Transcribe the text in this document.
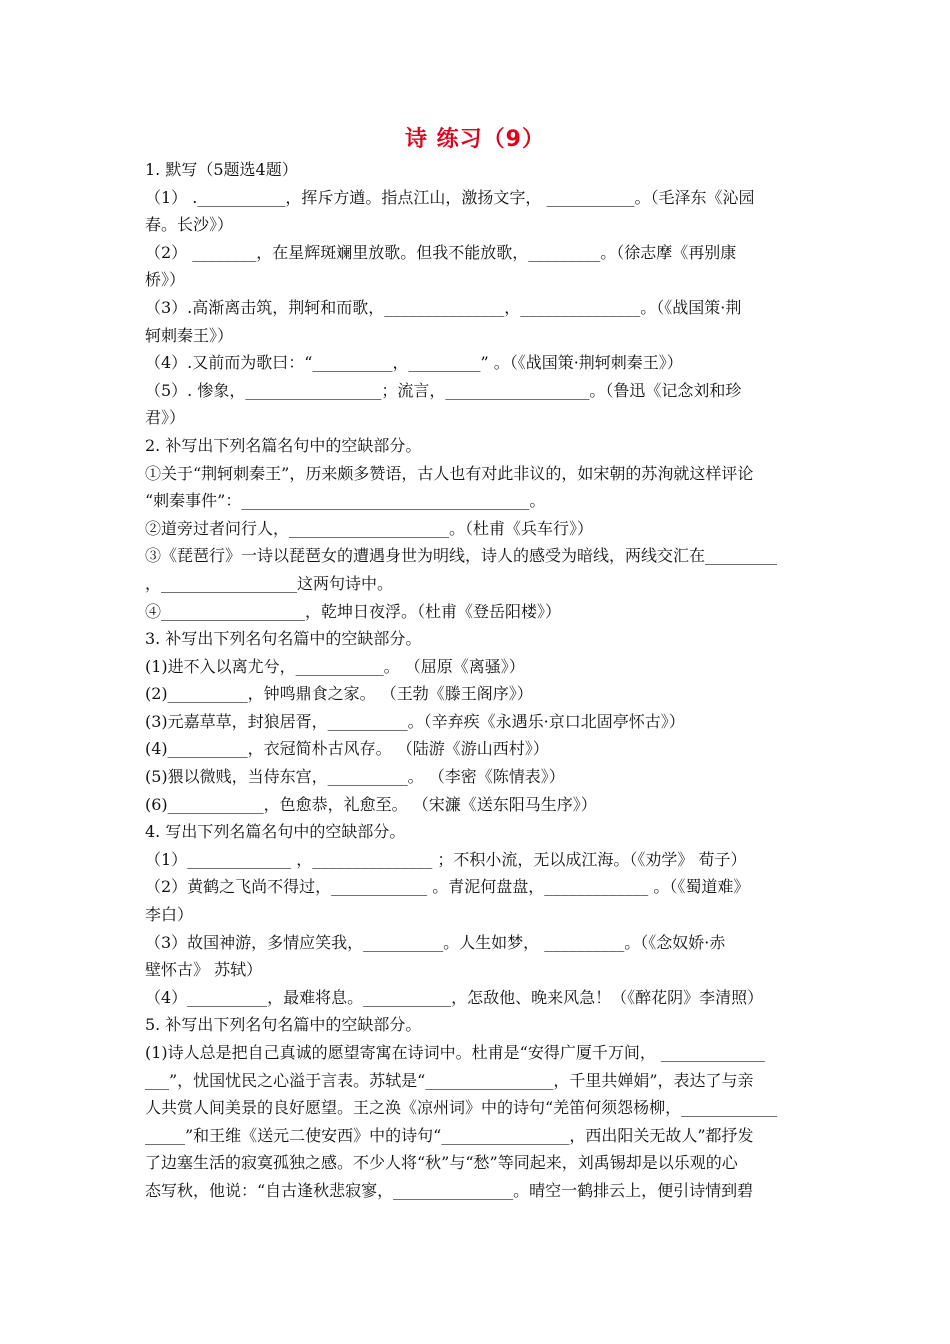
诗 练习（9）
1. 默写（5题选4题）
（1） .___________，挥斥方遒。指点江山，激扬文字， ___________。（毛泽东《沁园
春。长沙》）
（2） ________，在星辉斑斓里放歌。但我不能放歌，_________。（徐志摩《再别康
桥》）
（3）.高渐离击筑，荆轲和而歌，_______________，_______________。（《战国策·荆
轲刺秦王》）
（4）.又前而为歌曰：“__________，_________” 。（《战国策·荆轲刺秦王》）
（5）. 惨象，_________________；流言，__________________。（鲁迅《记念刘和珍
君》）
2. 补写出下列名篇名句中的空缺部分。
①关于“荆轲刺秦王”，历来颇多赞语，古人也有对此非议的，如宋朝的苏洵就这样评论
“刺秦事件”：____________________________________。
②道旁过者问行人，____________________。（杜甫《兵车行》）
③《琵琶行》一诗以琵琶女的遭遇身世为明线，诗人的感受为暗线，两线交汇在_________
，_________________这两句诗中。
④__________________，乾坤日夜浮。（杜甫《登岳阳楼》）
3. 补写出下列名句名篇中的空缺部分。
(1)进不入以离尤兮，___________。 （屈原《离骚》）
(2)__________，钟鸣鼎食之家。 （王勃《滕王阁序》）
(3)元嘉草草，封狼居胥，__________。（辛弃疾《永遇乐·京口北固亭怀古》）
(4)__________，衣冠简朴古风存。 （陆游《游山西村》）
(5)猥以微贱，当侍东宫，__________。 （李密《陈情表》）
(6)____________，色愈恭，礼愈至。 （宋濂《送东阳马生序》）
4. 写出下列名篇名句中的空缺部分。
（1）_____________ ，_______________ ；不积小流，无以成江海。（《劝学》 荀子）
（2）黄鹤之飞尚不得过，____________ 。青泥何盘盘，_____________ 。（《蜀道难》
李白）
（3）故国神游，多情应笑我，__________。人生如梦， __________。（《念奴娇·赤
壁怀古》 苏轼）
（4）__________，最难将息。___________，怎敌他、晚来风急！（《醉花阴》李清照）
5. 补写出下列名句名篇中的空缺部分。
(1)诗人总是把自己真诚的愿望寄寓在诗词中。杜甫是“安得广厦千万间， _____________
___”，忧国忧民之心溢于言表。苏轼是“________________，千里共婵娟”，表达了与亲
人共赏人间美景的良好愿望。王之涣《凉州词》中的诗句“羌笛何须怨杨柳，____________
_____”和王维《送元二使安西》中的诗句“________________，西出阳关无故人”都抒发
了边塞生活的寂寞孤独之感。不少人将“秋”与“愁”等同起来，刘禹锡却是以乐观的心
态写秋，他说：“自古逢秋悲寂寥，_______________。晴空一鹤排云上，便引诗情到碧
